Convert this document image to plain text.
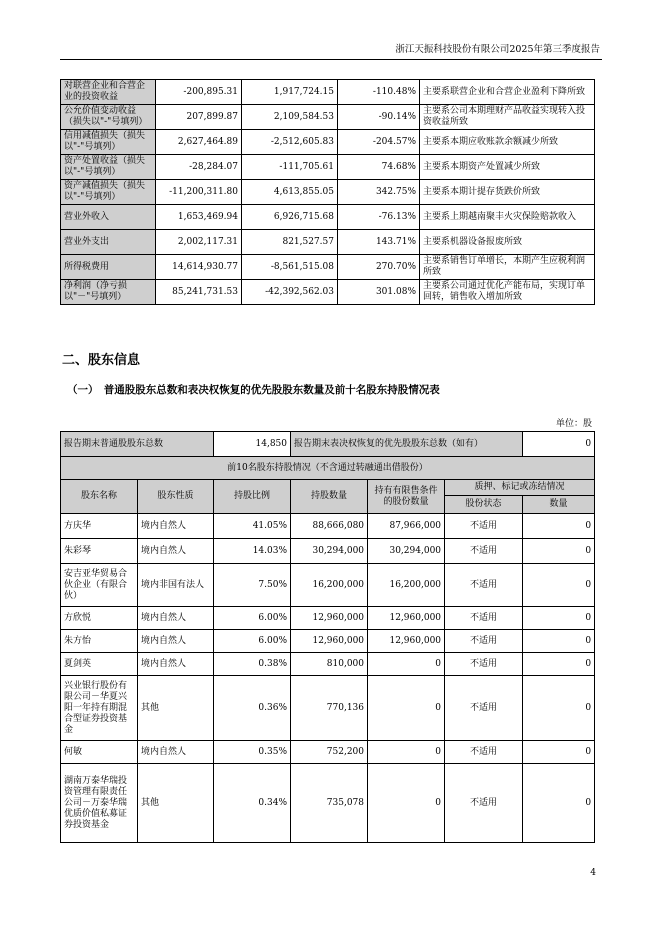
浙江天振科技股份有限公司2025年第三季度报告
对联营企业和合营企业的投资收益	-200,895.31	1,917,724.15	-110.48%	主要系联营企业和合营企业盈利下降所致
公允价值变动收益（损失以"-"号填列）	207,899.87	2,109,584.53	-90.14%	主要系公司本期理财产品收益实现转入投资收益所致
信用减值损失（损失以"-"号填列）	2,627,464.89	-2,512,605.83	-204.57%	主要系本期应收账款余额减少所致
资产处置收益（损失以"-"号填列）	-28,284.07	-111,705.61	74.68%	主要系本期资产处置减少所致
资产减值损失（损失以"-"号填列）	-11,200,311.80	4,613,855.05	342.75%	主要系本期计提存货跌价所致
营业外收入	1,653,469.94	6,926,715.68	-76.13%	主要系上期越南聚丰火灾保险赔款收入
营业外支出	2,002,117.31	821,527.57	143.71%	主要系机器设备报废所致
所得税费用	14,614,930.77	-8,561,515.08	270.70%	主要系销售订单增长，本期产生应税利润所致
净利润（净亏损以"－"号填列）	85,241,731.53	-42,392,562.03	301.08%	主要系公司通过优化产能布局，实现订单回转，销售收入增加所致
二、股东信息
（一）　普通股股东总数和表决权恢复的优先股股东数量及前十名股东持股情况表
单位：股
报告期末普通股股东总数		14,850	报告期末表决权恢复的优先股股东总数（如有）			0
前10名股东持股情况（不含通过转融通出借股份）						
股东名称	股东性质	持股比例	持股数量	持有有限售条件的股份数量	质押、标记或冻结情况	
					股份状态	数量
方庆华	境内自然人	41.05%	88,666,080	87,966,000	不适用	0
朱彩琴	境内自然人	14.03%	30,294,000	30,294,000	不适用	0
安吉亚华贸易合伙企业（有限合伙）	境内非国有法人	7.50%	16,200,000	16,200,000	不适用	0
方欣悦	境内自然人	6.00%	12,960,000	12,960,000	不适用	0
朱方怡	境内自然人	6.00%	12,960,000	12,960,000	不适用	0
夏剑英	境内自然人	0.38%	810,000	0	不适用	0
兴业银行股份有限公司－华夏兴阳一年持有期混合型证券投资基金	其他	0.36%	770,136	0	不适用	0
何敏	境内自然人	0.35%	752,200	0	不适用	0
湖南万泰华瑞投资管理有限责任公司－万泰华瑞优质价值私募证券投资基金	其他	0.34%	735,078	0	不适用	0
4
